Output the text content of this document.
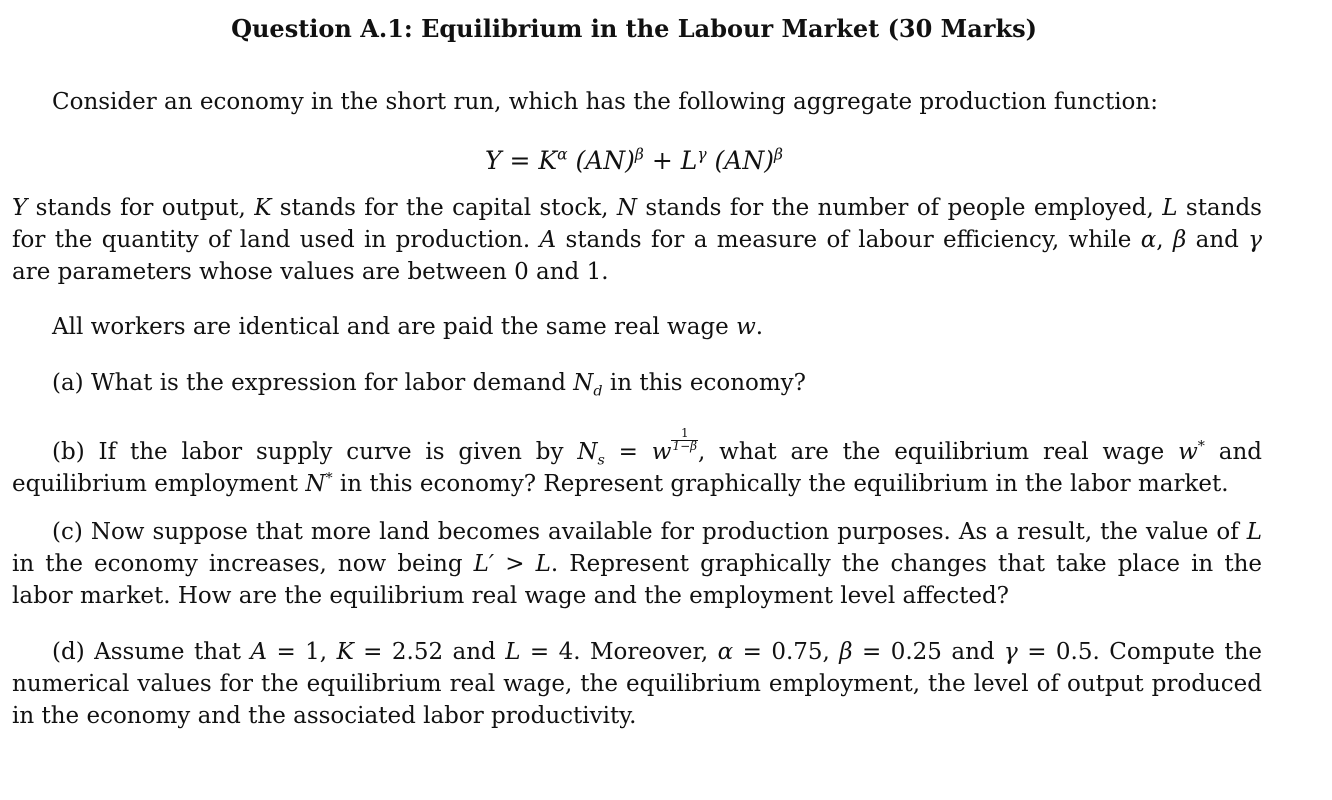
Question A.1: Equilibrium in the Labour Market (30 Marks)
Consider an economy in the short run, which has the following aggregate production function:
$Y = K^\alpha$ $(AN)^\beta + L^\gamma$ (AN)$^\beta$
Y stands for output, K stands for the capital stock, N stands for the number of people employed, L stands for the quantity of land used in production. A stands for a measure of labour efficiency, while α, β and γ are parameters whose values are between 0 and 1.
All workers are identical and are paid the same real wage w.
(a) What is the expression for labor demand $N_d$ in this economy?
(b) If the labor supply curve is given by $N_s = w \frac{1}{1-\beta}$ , what are the equilibrium real wage w* and equilibrium employment N* in this economy? Represent graphically the equilibrium in the labor market.
(c) Now suppose that more land becomes available for production purposes. As a result, the value of L in the economy increases, now being L′ > L. Represent graphically the changes that take place in the labor market. How are the equilibrium real wage and the employment level affected?
(d) Assume that A = 1, K = 2.52 and L = 4. Moreover, α = 0.75, β = 0.25 and γ = 0.5. Compute the numerical values for the equilibrium real wage, the equilibrium employment, the level of output produced in the economy and the associated labor productivity.
